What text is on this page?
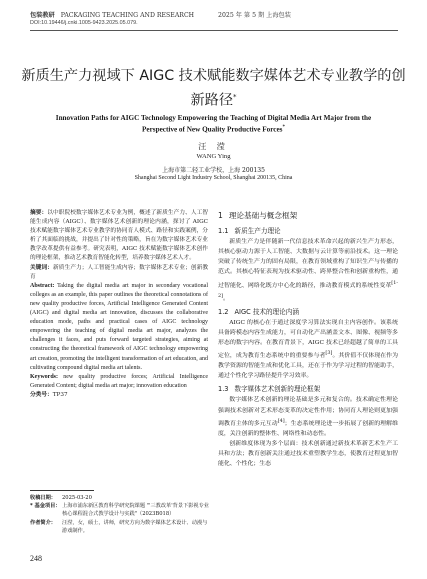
包装教研 PACKAGING TEACHING AND RESEARCH	2025 年 第 5 期 上海包装
DOI:10.19446/j.cnki.1005-9423.2025.05.079.
新质生产力视域下 AIGC 技术赋能数字媒体艺术专业教学的创新路径*
Innovation Paths for AIGC Technology Empowering the Teaching of Digital Media Art Major from the Perspective of New Quality Productive Forces*
汪 滢
WANG Ying
上海市第二轻工业学校，上海 200135
Shanghai Second Light Industry School, Shanghai 200135, China

摘要：以中职院校数字媒体艺术专业为例，概述了新质生产力、人工智能生成内容（AIGC）、数字媒体艺术创新的理论内涵，探讨了 AIGC 技术赋能数字媒体艺术专业教学的协同育人模式、路径和实践案例，分析了其面临的挑战，并提出了针对性的策略，旨在为数字媒体艺术专业教学改革提供有益参考。研究表明，AIGC 技术赋能数字媒体艺术创作的理论框架，推动艺术教育智能化转型，培养数字媒体艺术人才。

关键词：新质生产力；人工智能生成内容；数字媒体艺术专业；创新教育

Abstract: Taking the digital media art major in secondary vocational colleges as an example, this paper outlines the theoretical connotations of new quality productive forces, Artificial Intelligence Generated Content (AIGC) and digital media art innovation, discusses the collaborative education mode, paths and practical cases of AIGC technology empowering the teaching of digital media art major, analyzes the challenges it faces, and puts forward targeted strategies, aiming at constructing the theoretical framework of AIGC technology empowering art creation, promoting the intelligent transformation of art education, and cultivating compound digital media art talents.

Keywords: new quality productive forces; Artificial Intelligence Generated Content; digital media art major; innovation education

分类号：TP37

1 理论基础与概念框架
1.1 新质生产力理论

新质生产力是伴随新一代信息技术革命兴起的新兴生产力形态，其核心驱动力源于人工智能、大数据与云计算等前沿技术。这一理论突破了传统生产力的固有局限，在教育领域重构了知识生产与传播的范式。其核心特征表现为技术驱动性、跨界整合性和创新重构性，通过智能化、网络化既方中心化的路径，推动教育模式的系统性变革[1-2]。

1.2 AIGC 技术的理论内涵

AIGC 的核心在于通过深度学习算法实现自主内容创作。该系统具备跨模态内容生成能力，可自动化产出涵盖文本、图像、视频等多形态的数字内容。在教育背景下，AIGC 技术已经超越了简单的工具定位，成为教育生态系统中的重要参与者[3]。其价值不仅体现在作为教学资源的智能生成和优化工具，还在于作为学习过程的智能助手，通过个性化学习路径提升学习效率。

1.3 数字媒体艺术创新的理论框架

数字媒体艺术创新的理论基础是多元和复合的。技术确定性理论强调技术创新对艺术形态变革的决定性作用；协同育人理论则更加强调教育主体的多元互动[4]；生态系统理论进一步拓展了创新的理解维度，关注创新的整体性、网络性和动态性。

创新维度体现为多个层面：技术创新通过新技术革新艺术生产工具和方法；教育创新关注通过技术重塑教学生态，使教育过程更加智能化、个性化；生态

收稿日期：	2025-03-20
* 基金项目： 上海市浦东新区教育科学研究院课题 "'三教改革'背景下影视专业核心课程混合式教学设计与实践"（2023B018）
作者简介：	汪滢，女，硕士，讲师，研究方向为数字媒体艺术设计、动漫与游戏制作。
248
